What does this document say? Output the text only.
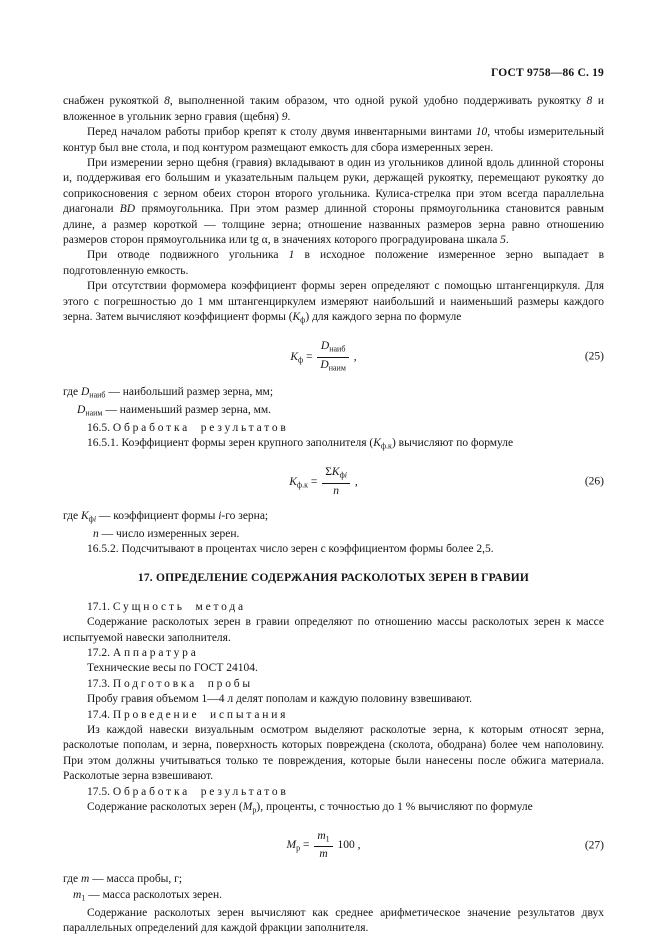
ГОСТ 9758—86 С. 19

снабжен рукояткой 8, выполненной таким образом, что одной рукой удобно поддерживать рукоятку 8 и вложенное в угольник зерно гравия (щебня) 9.

Перед началом работы прибор крепят к столу двумя инвентарными винтами 10, чтобы измерительный контур был вне стола, и под контуром размещают емкость для сбора измеренных зерен.

При измерении зерно щебня (гравия) вкладывают в один из угольников длиной вдоль длинной стороны и, поддерживая его большим и указательным пальцем руки, держащей рукоятку, перемещают рукоятку до соприкосновения с зерном обеих сторон второго угольника. Кулиса-стрелка при этом всегда параллельна диагонали BD прямоугольника. При этом размер длинной стороны прямоугольника становится равным длине, а размер короткой — толщине зерна; отношение названных размеров зерна равно отношению размеров сторон прямоугольника или tg α, в значениях которого проградуирована шкала 5.

При отводе подвижного угольника 1 в исходное положение измеренное зерно выпадает в подготовленную емкость.

При отсутствии формомера коэффициент формы зерен определяют с помощью штангенциркуля. Для этого с погрешностью до 1 мм штангенциркулем измеряют наибольший и наименьший размеры каждого зерна. Затем вычисляют коэффициент формы $(К_ф)$ для каждого зерна по формуле

$К_ф = \frac{D_{наиб}}{D_{наим}}$ ,	(25)
где $D_{наиб}$ — наибольший размер зерна, мм;
$D_{наим}$ — наименьший размер зерна, мм.

16.5. Обработка результатов

16.5.1. Коэффициент формы зерен крупного заполнителя $(К_{ф.к})$ вычисляют по формуле

$К_{ф.к} = \frac{\Sigma К_{фi}}{n}$ ,	(26)
где $К_{фi}$ — коэффициент формы i-го зерна;
n — число измеренных зерен.

16.5.2. Подсчитывают в процентах число зерен с коэффициентом формы более 2,5.

17. ОПРЕДЕЛЕНИЕ СОДЕРЖАНИЯ РАСКОЛОТЫХ ЗЕРЕН В ГРАВИИ

17.1. Сущность метода

Содержание расколотых зерен в гравии определяют по отношению массы расколотых зерен к массе испытуемой навески заполнителя.

17.2. Аппаратура

Технические весы по ГОСТ 24104.

17.3. Подготовка пробы

Пробу гравия объемом 1—4 л делят пополам и каждую половину взвешивают.

17.4. Проведение испытания

Из каждой навески визуальным осмотром выделяют расколотые зерна, к которым относят зерна, расколотые пополам, и зерна, поверхность которых повреждена (сколота, ободрана) более чем наполовину. При этом должны учитываться только те повреждения, которые были нанесены после обжига материала. Расколотые зерна взвешивают.

17.5. Обработка результатов

Содержание расколотых зерен $(М_р)$, проценты, с точностью до 1 % вычисляют по формуле

$М_р = \frac{m_1}{m} 100$ ,	(27)
где m — масса пробы, г;
$m_1$ — масса расколотых зерен.

Содержание расколотых зерен вычисляют как среднее арифметическое значение результатов двух параллельных определений для каждой фракции заполнителя.
